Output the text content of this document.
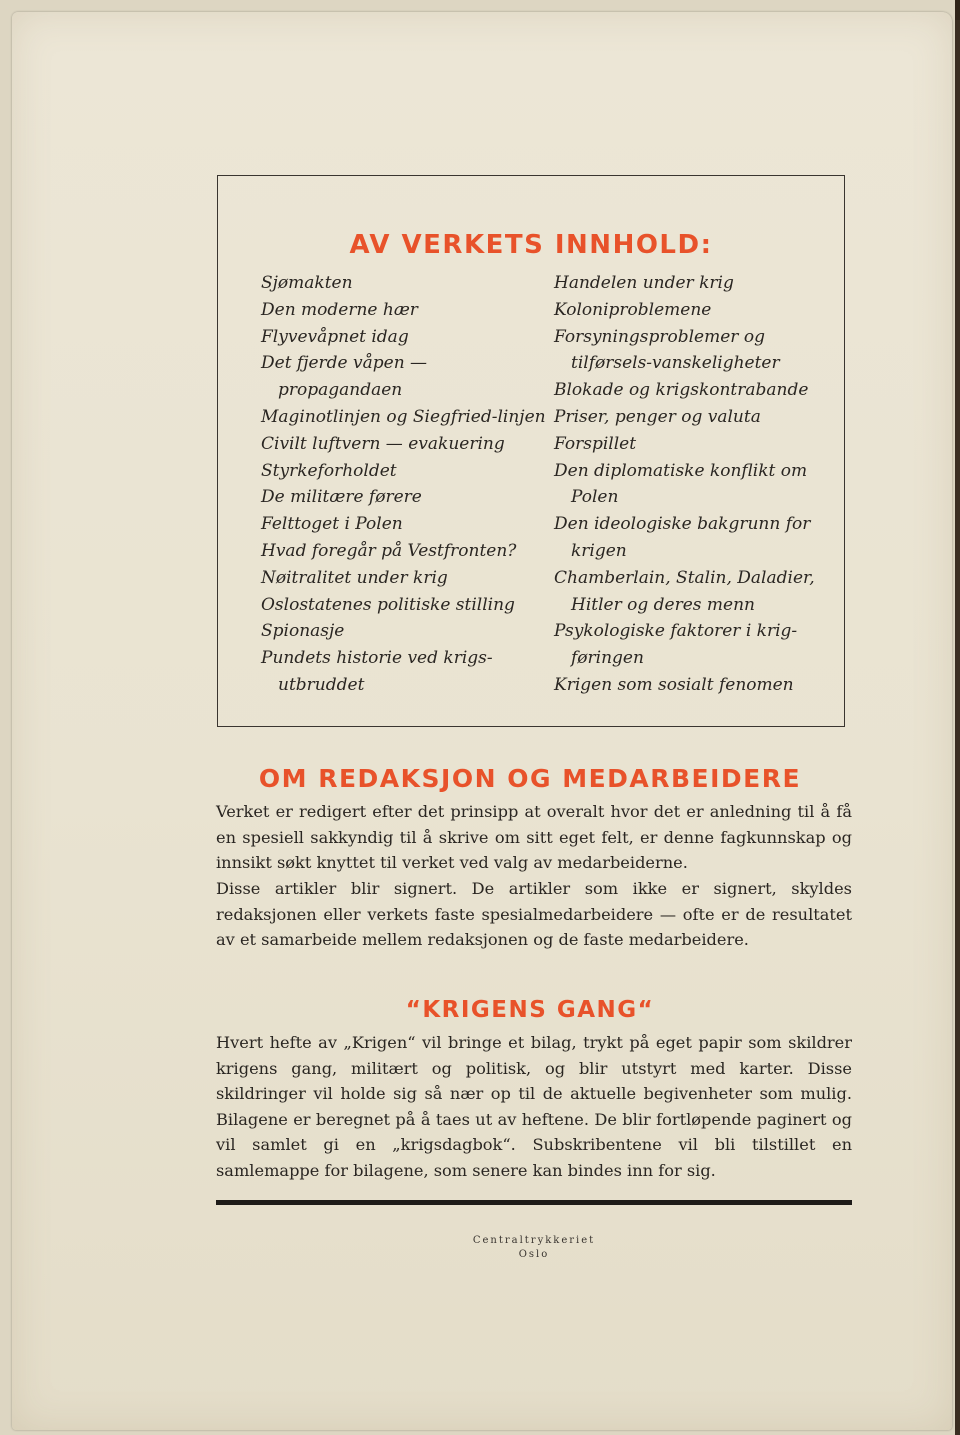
AV VERKETS INNHOLD:
Sjømakten
Den moderne hær
Flyvevåpnet idag
Det fjerde våpen — propagandaen
Maginotlinjen og Siegfried-linjen
Civilt luftvern — evakuering
Styrkeforholdet
De militære førere
Felttoget i Polen
Hvad foregår på Vestfronten?
Nøitralitet under krig
Oslostatenes politiske stilling
Spionasje
Pundets historie ved krigs-utbruddet
Handelen under krig
Koloniproblemene
Forsyningsproblemer og tilførsels-vanskeligheter
Blokade og krigskontrabande
Priser, penger og valuta
Forspillet
Den diplomatiske konflikt om Polen
Den ideologiske bakgrunn for krigen
Chamberlain, Stalin, Daladier, Hitler og deres menn
Psykologiske faktorer i krig-føringen
Krigen som sosialt fenomen
OM REDAKSJON OG MEDARBEIDERE

Verket er redigert efter det prinsipp at overalt hvor det er anledning til å få en spesiell sakkyndig til å skrive om sitt eget felt, er denne fagkunnskap og innsikt søkt knyttet til verket ved valg av medarbeiderne.

Disse artikler blir signert. De artikler som ikke er signert, skyldes redaksjonen eller verkets faste spesialmedarbeidere — ofte er de resultatet av et samarbeide mellem redaksjonen og de faste medarbeidere.

“KRIGENS GANG“

Hvert hefte av „Krigen“ vil bringe et bilag, trykt på eget papir som skildrer krigens gang, militært og politisk, og blir utstyrt med karter. Disse skildringer vil holde sig så nær op til de aktuelle begivenheter som mulig. Bilagene er beregnet på å taes ut av heftene. De blir fortløpende paginert og vil samlet gi en „krigsdagbok“. Subskribentene vil bli tilstillet en samlemappe for bilagene, som senere kan bindes inn for sig.

Centraltrykkeriet
Oslo
